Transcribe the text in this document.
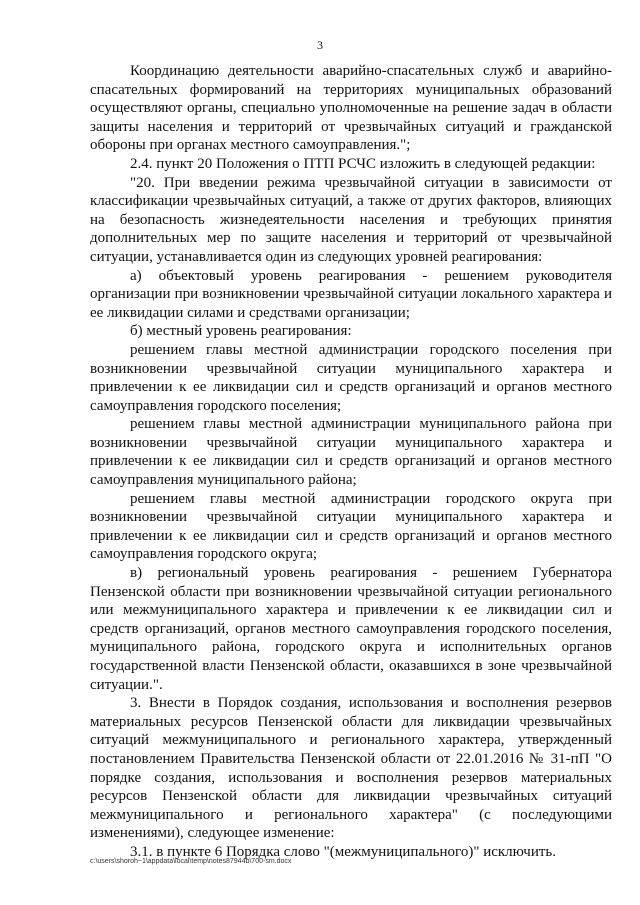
3

Координацию деятельности аварийно-спасательных служб и аварийно-спасательных формирований на территориях муниципальных образований осуществляют органы, специально уполномоченные на решение задач в области защиты населения и территорий от чрезвычайных ситуаций и гражданской обороны при органах местного самоуправления.";

2.4. пункт 20 Положения о ПТП РСЧС изложить в следующей редакции:

"20. При введении режима чрезвычайной ситуации в зависимости от классификации чрезвычайных ситуаций, а также от других факторов, влияющих на безопасность жизнедеятельности населения и требующих принятия дополнительных мер по защите населения и территорий от чрезвычайной ситуации, устанавливается один из следующих уровней реагирования:

а) объектовый уровень реагирования - решением руководителя организации при возникновении чрезвычайной ситуации локального характера и ее ликвидации силами и средствами организации;

б) местный уровень реагирования:

решением главы местной администрации городского поселения при возникновении чрезвычайной ситуации муниципального характера и привлечении к ее ликвидации сил и средств организаций и органов местного самоуправления городского поселения;

решением главы местной администрации муниципального района при возникновении чрезвычайной ситуации муниципального характера и привлечении к ее ликвидации сил и средств организаций и органов местного самоуправления муниципального района;

решением главы местной администрации городского округа при возникновении чрезвычайной ситуации муниципального характера и привлечении к ее ликвидации сил и средств организаций и органов местного самоуправления городского округа;

в) региональный уровень реагирования - решением Губернатора Пензенской области при возникновении чрезвычайной ситуации регионального или межмуниципального характера и привлечении к ее ликвидации сил и средств организаций, органов местного самоуправления городского поселения, муниципального района, городского округа и исполнительных органов государственной власти Пензенской области, оказавшихся в зоне чрезвычайной ситуации.".

3. Внести в Порядок создания, использования и восполнения резервов материальных ресурсов Пензенской области для ликвидации чрезвычайных ситуаций межмуниципального и регионального характера, утвержденный постановлением Правительства Пензенской области от 22.01.2016 № 31-пП "О порядке создания, использования и восполнения резервов материальных ресурсов Пензенской области для ликвидации чрезвычайных ситуаций межмуниципального и регионального характера" (с последующими изменениями), следующее изменение:

3.1. в пункте 6 Порядка слово "(межмуниципального)" исключить.

c:\users\shoroh~1\appdata\local\temp\notes87944b\700-sm.docx
